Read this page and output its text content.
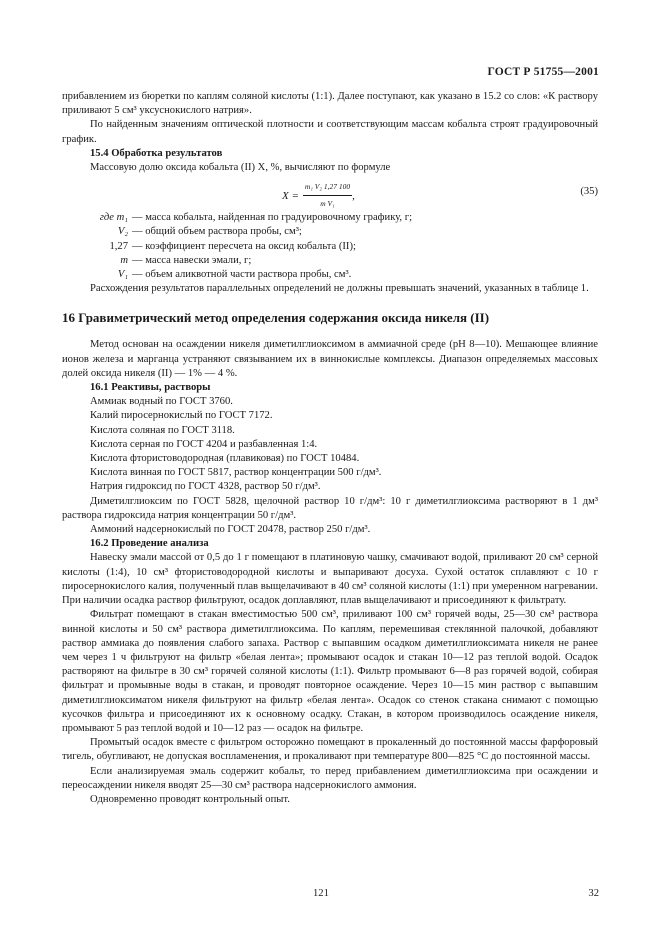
ГОСТ Р 51755—2001

прибавлением из бюретки по каплям соляной кислоты (1:1). Далее поступают, как указано в 15.2 со слов: «К раствору приливают 5 см³ уксуснокислого натрия».

По найденным значениям оптической плотности и соответствующим массам кобальта строят градуировочный график.

15.4 Обработка результатов

Массовую долю оксида кобальта (II) X, %, вычисляют по формуле

$X = \frac{\text{m₁ V₂ 1,27 100}}{\text{m V₁}}$ ,	(35)
где m₁ — масса кобальта, найденная по градуировочному графику, г;
V₂ — общий объем раствора пробы, см³;
1,27 — коэффициент пересчета на оксид кобальта (II);
m — масса навески эмали, г;
V₁ — объем аликвотной части раствора пробы, см³.

Расхождения результатов параллельных определений не должны превышать значений, указанных в таблице 1.

16 Гравиметрический метод определения содержания оксида никеля (II)

Метод основан на осаждении никеля диметилглиоксимом в аммиачной среде (pH 8—10). Мешающее влияние ионов железа и марганца устраняют связыванием их в виннокислые комплексы. Диапазон определяемых массовых долей оксида никеля (II) — 1% — 4 %.

16.1 Реактивы, растворы

Аммиак водный по ГОСТ 3760.

Калий пиросернокислый по ГОСТ 7172.

Кислота соляная по ГОСТ 3118.

Кислота серная по ГОСТ 4204 и разбавленная 1:4.

Кислота фтористоводородная (плавиковая) по ГОСТ 10484.

Кислота винная по ГОСТ 5817, раствор концентрации 500 г/дм³.

Натрия гидроксид по ГОСТ 4328, раствор 50 г/дм³.

Диметилглиоксим по ГОСТ 5828, щелочной раствор 10 г/дм³: 10 г диметилглиоксима растворяют в 1 дм³ раствора гидроксида натрия концентрации 50 г/дм³.

Аммоний надсернокислый по ГОСТ 20478, раствор 250 г/дм³.

16.2 Проведение анализа

Навеску эмали массой от 0,5 до 1 г помещают в платиновую чашку, смачивают водой, приливают 20 см³ серной кислоты (1:4), 10 см³ фтористоводородной кислоты и выпаривают досуха. Сухой остаток сплавляют с 10 г пиросернокислого калия, полученный плав выщелачивают в 40 см³ соляной кислоты (1:1) при умеренном нагревании. При наличии осадка раствор фильтруют, осадок доплавляют, плав выщелачивают и присоединяют к фильтрату.

Фильтрат помещают в стакан вместимостью 500 см³, приливают 100 см³ горячей воды, 25—30 см³ раствора винной кислоты и 50 см³ раствора диметилглиоксима. По каплям, перемешивая стеклянной палочкой, добавляют раствор аммиака до появления слабого запаха. Раствор с выпавшим осадком диметилглиоксимата никеля не ранее чем через 1 ч фильтруют на фильтр «белая лента»; промывают осадок и стакан 10—12 раз теплой водой. Осадок растворяют на фильтре в 30 см³ горячей соляной кислоты (1:1). Фильтр промывают 6—8 раз горячей водой, собирая фильтрат и промывные воды в стакан, и проводят повторное осаждение. Через 10—15 мин раствор с выпавшим диметилглиоксиматом никеля фильтруют на фильтр «белая лента». Осадок со стенок стакана снимают с помощью кусочков фильтра и присоединяют их к основному осадку. Стакан, в котором производилось осаждение никеля, промывают 5 раз теплой водой и 10—12 раз — осадок на фильтре.

Промытый осадок вместе с фильтром осторожно помещают в прокаленный до постоянной массы фарфоровый тигель, обугливают, не допуская воспламенения, и прокаливают при температуре 800—825 °С до постоянной массы.

Если анализируемая эмаль содержит кобальт, то перед прибавлением диметилглиоксима при осаждении и переосаждении никеля вводят 25—30 см³ раствора надсернокислого аммония.

Одновременно проводят контрольный опыт.

121	32
